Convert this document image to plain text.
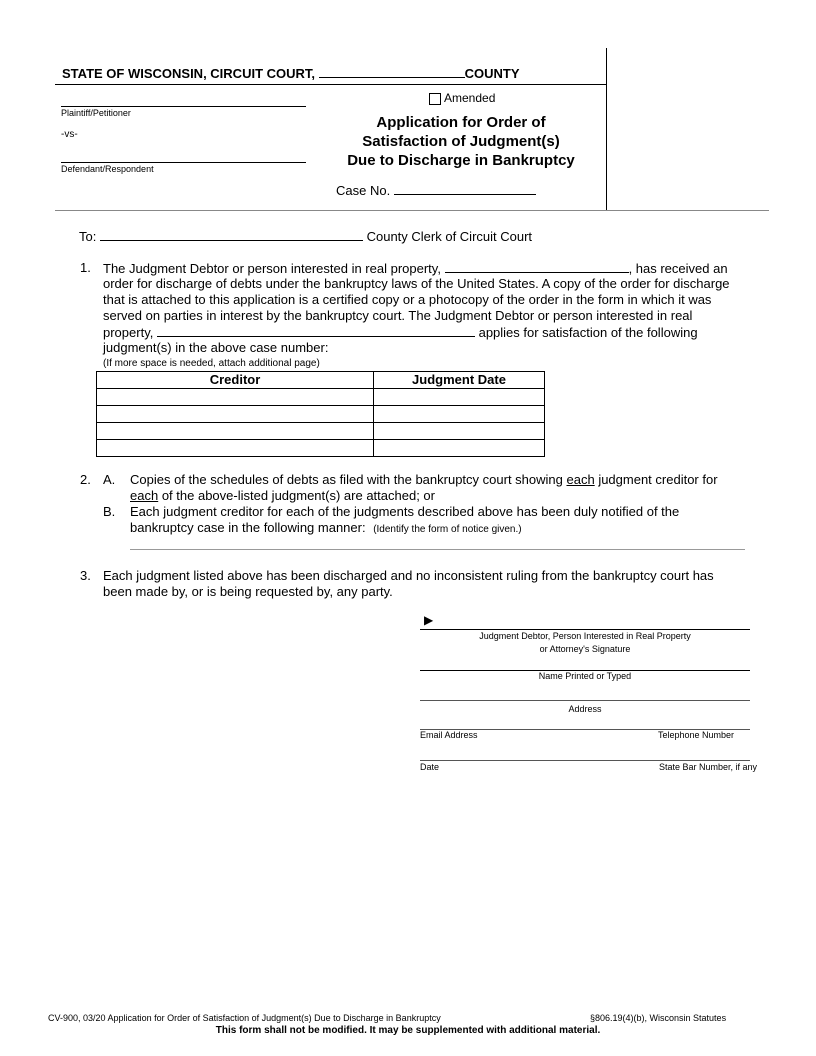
STATE OF WISCONSIN, CIRCUIT COURT,	COUNTY
Plaintiff/Petitioner
-vs-
Defendant/Respondent
Amended
Application for Order of
Satisfaction of Judgment(s)
Due to Discharge in Bankruptcy
Case No.
To:	County Clerk of Circuit Court
1. The Judgment Debtor or person interested in real property,	, has received an
order for discharge of debts under the bankruptcy laws of the United States. A copy of the order for discharge
that is attached to this application is a certified copy or a photocopy of the order in the form in which it was
served on parties in interest by the bankruptcy court. The Judgment Debtor or person interested in real
property,	applies for satisfaction of the following
judgment(s) in the above case number:
(If more space is needed, attach additional page)
Creditor	Judgment Date

2. A. Copies of the schedules of debts as filed with the bankruptcy court showing each judgment creditor for
each of the above-listed judgment(s) are attached; or
B. Each judgment creditor for each of the judgments described above has been duly notified of the
bankruptcy case in the following manner: (Identify the form of notice given.)
3. Each judgment listed above has been discharged and no inconsistent ruling from the bankruptcy court has
been made by, or is being requested by, any party.
▶
Judgment Debtor, Person Interested in Real Property
or Attorney's Signature
Name Printed or Typed
Address
Email Address	Telephone Number
Date	State Bar Number, if any
CV-900, 03/20 Application for Order of Satisfaction of Judgment(s) Due to Discharge in Bankruptcy	§806.19(4)(b), Wisconsin Statutes
This form shall not be modified. It may be supplemented with additional material.
